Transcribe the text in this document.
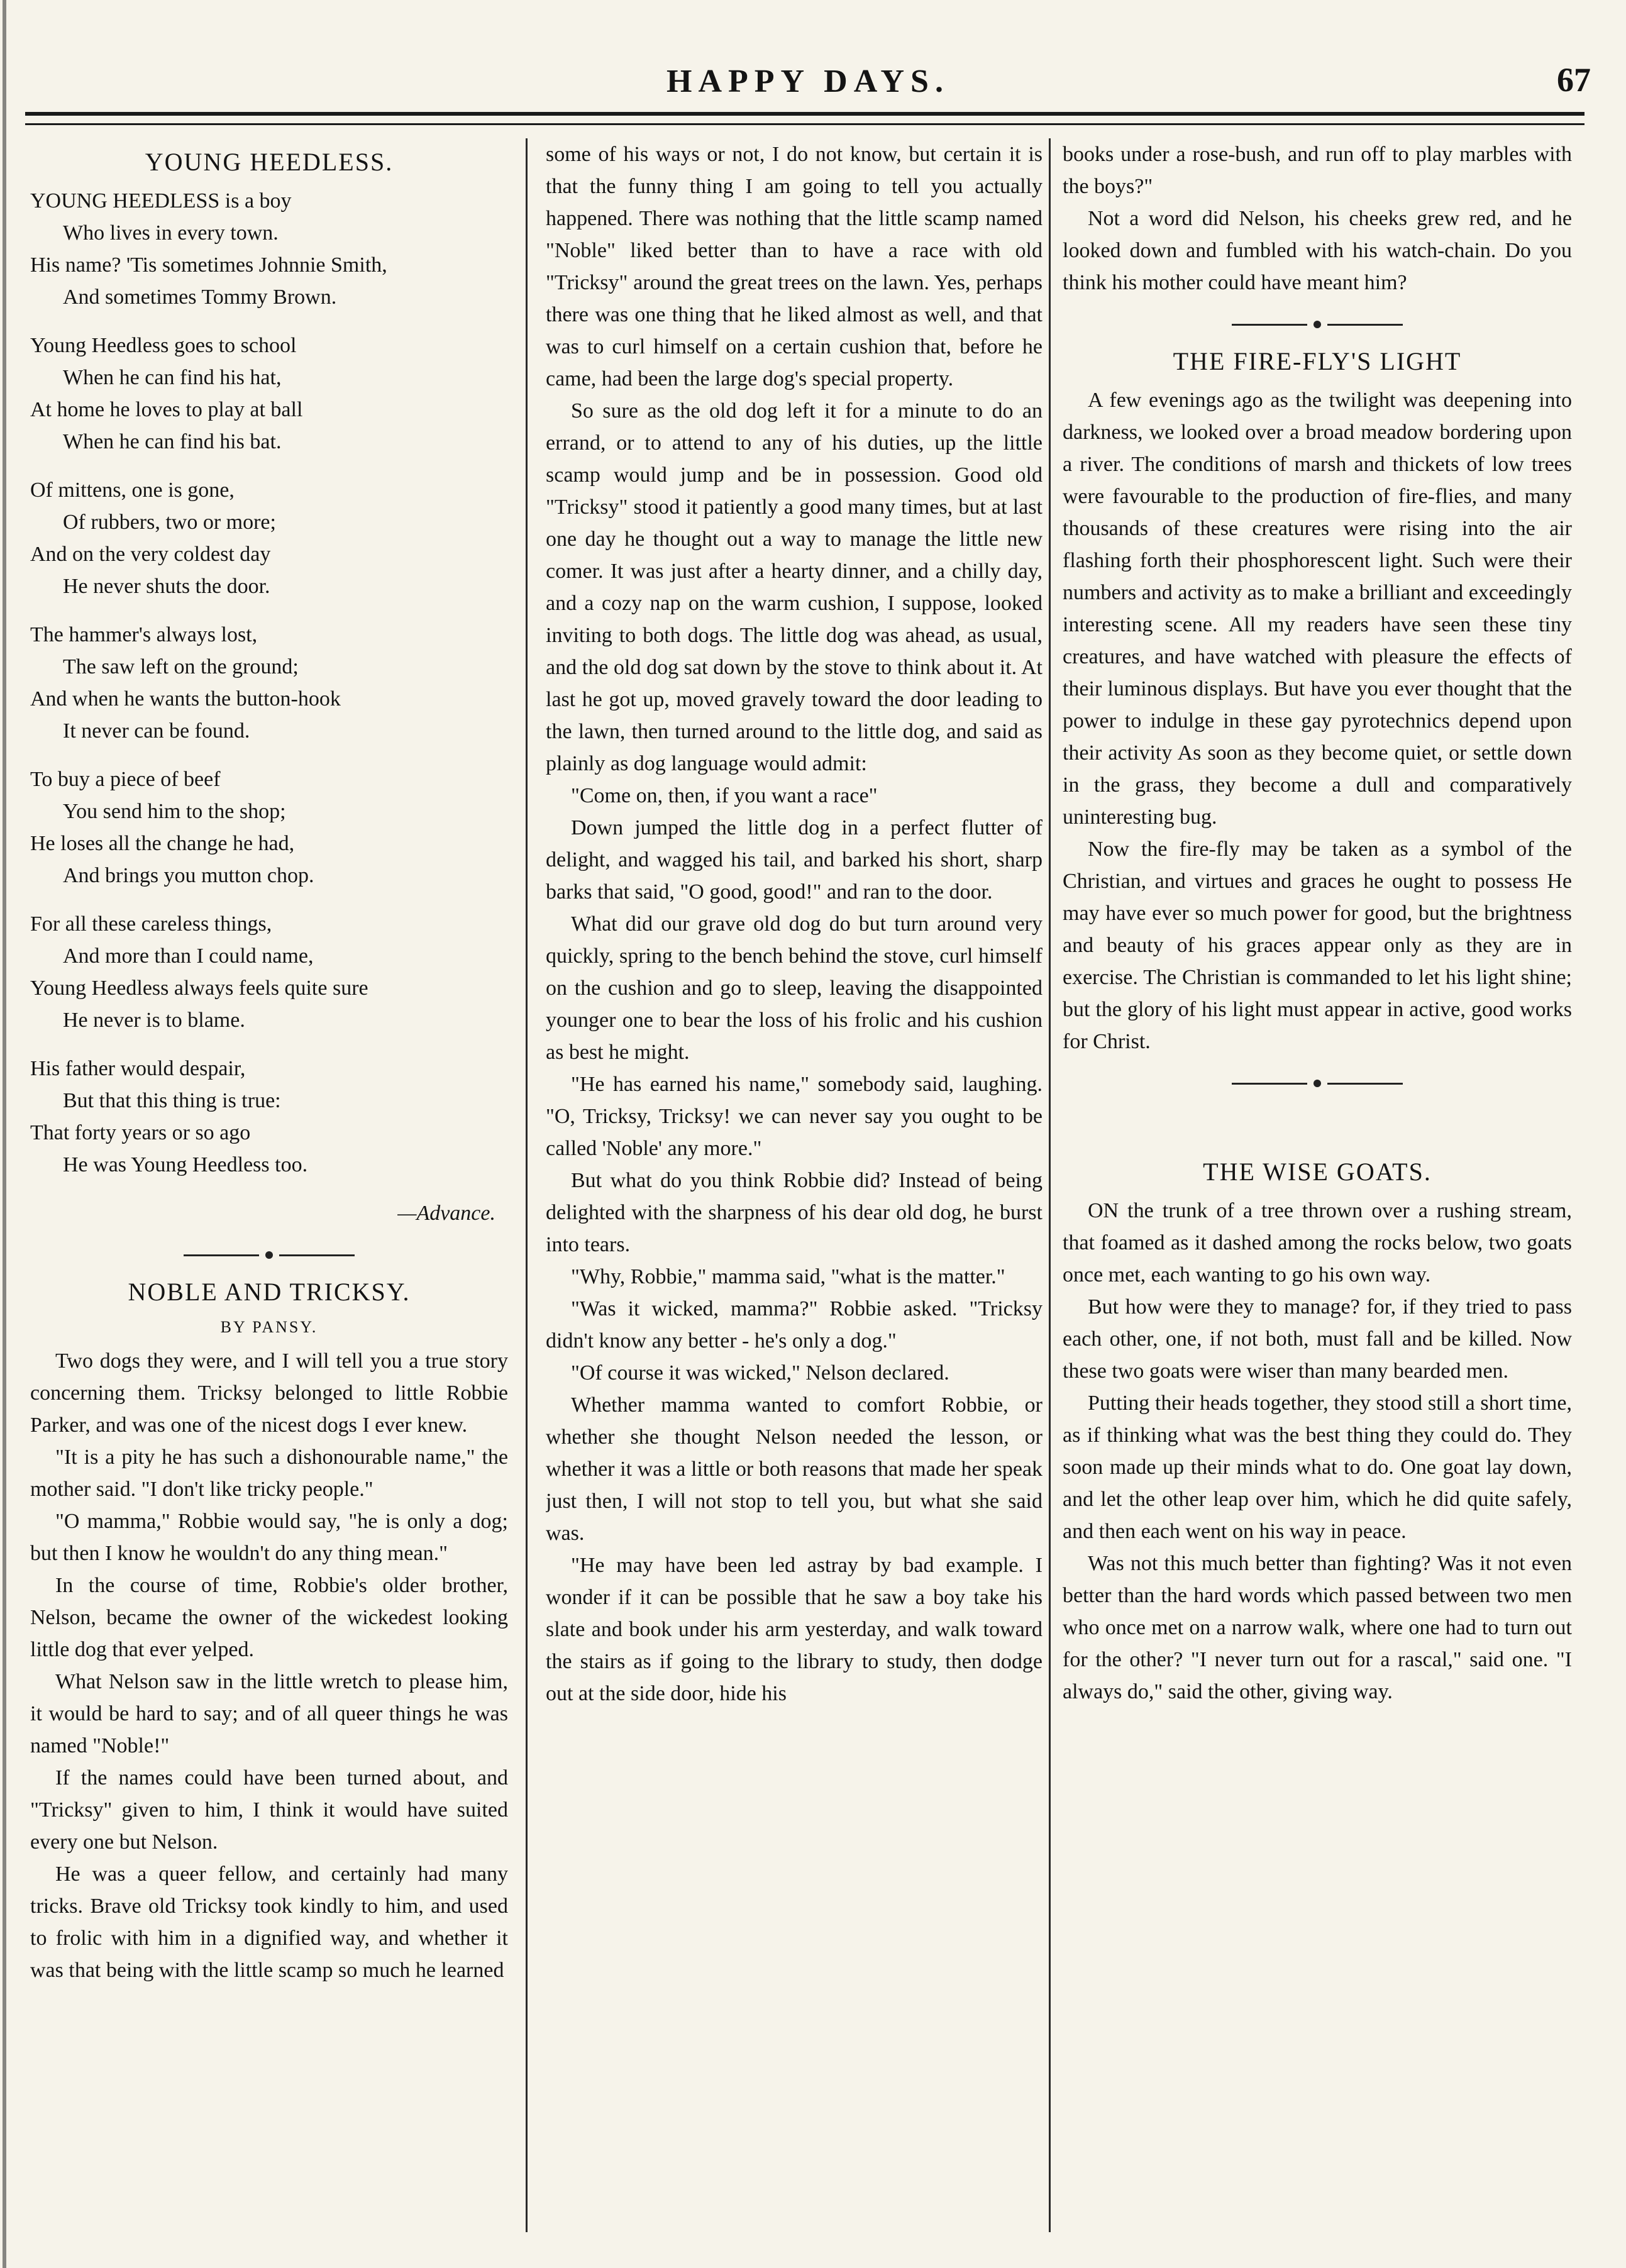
HAPPY DAYS.	67
YOUNG HEEDLESS.
YOUNG HEEDLESS is a boy
Who lives in every town.
His name? 'Tis sometimes Johnnie Smith,
And sometimes Tommy Brown.
Young Heedless goes to school
When he can find his hat,
At home he loves to play at ball
When he can find his bat.
Of mittens, one is gone,
Of rubbers, two or more;
And on the very coldest day
He never shuts the door.
The hammer's always lost,
The saw left on the ground;
And when he wants the button-hook
It never can be found.
To buy a piece of beef
You send him to the shop;
He loses all the change he had,
And brings you mutton chop.
For all these careless things,
And more than I could name,
Young Heedless always feels quite sure
He never is to blame.
His father would despair,
But that this thing is true:
That forty years or so ago
He was Young Heedless too.
—Advance.
NOBLE AND TRICKSY.
BY PANSY.

Two dogs they were, and I will tell you a true story concerning them. Tricksy belonged to little Robbie Parker, and was one of the nicest dogs I ever knew.

"It is a pity he has such a dishonourable name," the mother said. "I don't like tricky people."

"O mamma," Robbie would say, "he is only a dog; but then I know he wouldn't do any thing mean."

In the course of time, Robbie's older brother, Nelson, became the owner of the wickedest looking little dog that ever yelped.

What Nelson saw in the little wretch to please him, it would be hard to say; and of all queer things he was named "Noble!"

If the names could have been turned about, and "Tricksy" given to him, I think it would have suited every one but Nelson.

He was a queer fellow, and certainly had many tricks. Brave old Tricksy took kindly to him, and used to frolic with him in a dignified way, and whether it was that being with the little scamp so much he learned

some of his ways or not, I do not know, but certain it is that the funny thing I am going to tell you actually happened. There was nothing that the little scamp named "Noble" liked better than to have a race with old "Tricksy" around the great trees on the lawn. Yes, perhaps there was one thing that he liked almost as well, and that was to curl himself on a certain cushion that, before he came, had been the large dog's special property.

So sure as the old dog left it for a minute to do an errand, or to attend to any of his duties, up the little scamp would jump and be in possession. Good old "Tricksy" stood it patiently a good many times, but at last one day he thought out a way to manage the little new comer. It was just after a hearty dinner, and a chilly day, and a cozy nap on the warm cushion, I suppose, looked inviting to both dogs. The little dog was ahead, as usual, and the old dog sat down by the stove to think about it. At last he got up, moved gravely toward the door leading to the lawn, then turned around to the little dog, and said as plainly as dog language would admit:

"Come on, then, if you want a race"

Down jumped the little dog in a perfect flutter of delight, and wagged his tail, and barked his short, sharp barks that said, "O good, good!" and ran to the door.

What did our grave old dog do but turn around very quickly, spring to the bench behind the stove, curl himself on the cushion and go to sleep, leaving the disappointed younger one to bear the loss of his frolic and his cushion as best he might.

"He has earned his name," somebody said, laughing. "O, Tricksy, Tricksy! we can never say you ought to be called 'Noble' any more."

But what do you think Robbie did? Instead of being delighted with the sharpness of his dear old dog, he burst into tears.

"Why, Robbie," mamma said, "what is the matter."

"Was it wicked, mamma?" Robbie asked. "Tricksy didn't know any better - he's only a dog."

"Of course it was wicked," Nelson declared.

Whether mamma wanted to comfort Robbie, or whether she thought Nelson needed the lesson, or whether it was a little or both reasons that made her speak just then, I will not stop to tell you, but what she said was.

"He may have been led astray by bad example. I wonder if it can be possible that he saw a boy take his slate and book under his arm yesterday, and walk toward the stairs as if going to the library to study, then dodge out at the side door, hide his

books under a rose-bush, and run off to play marbles with the boys?"

Not a word did Nelson, his cheeks grew red, and he looked down and fumbled with his watch-chain. Do you think his mother could have meant him?

THE FIRE-FLY'S LIGHT

A few evenings ago as the twilight was deepening into darkness, we looked over a broad meadow bordering upon a river. The conditions of marsh and thickets of low trees were favourable to the production of fire-flies, and many thousands of these creatures were rising into the air flashing forth their phosphorescent light. Such were their numbers and activity as to make a brilliant and exceedingly interesting scene. All my readers have seen these tiny creatures, and have watched with pleasure the effects of their luminous displays. But have you ever thought that the power to indulge in these gay pyrotechnics depend upon their activity As soon as they become quiet, or settle down in the grass, they become a dull and comparatively uninteresting bug.

Now the fire-fly may be taken as a symbol of the Christian, and virtues and graces he ought to possess He may have ever so much power for good, but the brightness and beauty of his graces appear only as they are in exercise. The Christian is commanded to let his light shine; but the glory of his light must appear in active, good works for Christ.

THE WISE GOATS.

ON the trunk of a tree thrown over a rushing stream, that foamed as it dashed among the rocks below, two goats once met, each wanting to go his own way.

But how were they to manage? for, if they tried to pass each other, one, if not both, must fall and be killed. Now these two goats were wiser than many bearded men.

Putting their heads together, they stood still a short time, as if thinking what was the best thing they could do. They soon made up their minds what to do. One goat lay down, and let the other leap over him, which he did quite safely, and then each went on his way in peace.

Was not this much better than fighting? Was it not even better than the hard words which passed between two men who once met on a narrow walk, where one had to turn out for the other? "I never turn out for a rascal," said one. "I always do," said the other, giving way.
